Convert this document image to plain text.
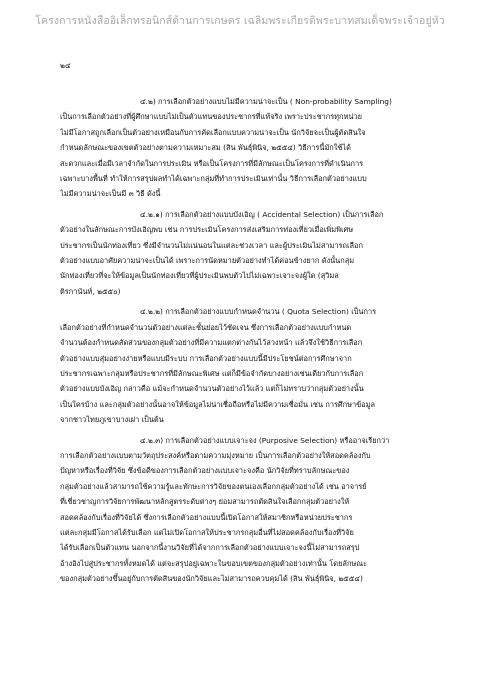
โครงการหนังสืออิเล็กทรอนิกส์ด้านการเกษตร เฉลิมพระเกียรติพระบาทสมเด็จพระเจ้าอยู่หัว
๒๔

๔.๒) การเลือกตัวอย่างแบบไม่มีความน่าจะเป็น ( Non-probability Sampling)
เป็นการเลือกตัวอย่างที่ผู้ศึกษาแบบไม่เป็นตัวแทนของประชากรที่แท้จริง เพราะประชากรทุกหน่วย
ไม่มีโอกาสถูกเลือกเป็นตัวอย่างเหมือนกับการคัดเลือกแบบความน่าจะเป็น นักวิจัยจะเป็นผู้ตัดสินใจ
กำหนดลักษณะของเขตตัวอย่างตามความเหมาะสม (สิน พันธุ์พินิจ, ๒๕๕๔) วิธีการนี้มักใช้ได้
สะดวกและเมื่อมีเวลาจำกัดในการประเมิน หรือเป็นโครงการที่มีลักษณะเป็นโครงการที่ดำเนินการ
เฉพาะบางพื้นที่ ทำให้การสรุปผลทำได้เฉพาะกลุ่มที่ทำการประเมินเท่านั้น วิธีการเลือกตัวอย่างแบบ
ไม่มีความน่าจะเป็นมี ๓ วิธี ดังนี้

๔.๒.๑) การเลือกตัวอย่างแบบบังเอิญ ( Accidental Selection) เป็นการเลือก
ตัวอย่างในลักษณะการบังเอิญพบ เช่น การประเมินโครงการส่งเสริมการท่องเที่ยวเมื่อเพิ่มพิเศษ
ประชากรเป็นนักท่องเที่ยว ซึ่งมีจำนวนไม่แน่นอนในแต่ละช่วงเวลา และผู้ประเมินไม่สามารถเลือก
ตัวอย่างแบบอาศัยความน่าจะเป็นได้ เพราะการนัดหมายตัวอย่างทำได้ค่อนข้างยาก ดังนั้นกลุ่ม
นักท่องเที่ยวที่จะให้ข้อมูลเป็นนักท่องเที่ยวที่ผู้ประเมินพบตัวไปไม่เฉพาะเจาะจงผู้ใด (สุวิมล
ติรกานันท์, ๒๕๕๐)

๔.๒.๒) การเลือกตัวอย่างแบบกำหนดจำนวน ( Quota Selection) เป็นการ
เลือกตัวอย่างที่กำหนดจำนวนตัวอย่างแต่ละชั้นย่อยไว้ชัดเจน ซึ่งการเลือกตัวอย่างแบบกำหนด
จำนวนต้องกำหนดสัดส่วนของกลุ่มตัวอย่างที่มีความแตกต่างกันไว้ล่วงหน้า แล้วจึงใช้วิธีการเลือก
ตัวอย่างแบบสุ่มอย่างง่ายหรือแบบมีระบบ การเลือกตัวอย่างแบบนี้มีประโยชน์ต่อการศึกษาจาก
ประชากรเฉพาะกลุ่มหรือประชากรที่มีลักษณะพิเศษ แต่ก็มีข้อจำกัดบางอย่างเช่นเดียวกับการเลือก
ตัวอย่างแบบบังเอิญ กล่าวคือ แม้จะกำหนดจำนวนตัวอย่างไว้แล้ว แต่ก็ไม่ทราบว่ากลุ่มตัวอย่างนั้น
เป็นใครบ้าง และกลุ่มตัวอย่างนั้นอาจให้ข้อมูลไม่น่าเชื่อถือหรือไม่มีความเชื่อมั่น เช่น การศึกษาข้อมูล
จากชาวไทยภูเขาบางเผ่า เป็นต้น

๔.๒.๓) การเลือกตัวอย่างแบบเจาะจง (Purposive Selection) หรืออาจเรียกว่า
การเลือกตัวอย่างแบบตามวัตถุประสงค์หรือตามความมุ่งหมาย เป็นการเลือกตัวอย่างให้สอดคล้องกับ
ปัญหาหรือเรื่องที่วิจัย ซึ่งข้อดีของการเลือกตัวอย่างแบบเจาะจงคือ นักวิจัยที่ทราบลักษณะของ
กลุ่มตัวอย่างแล้วสามารถใช้ความรู้และทักษะการวิจัยของตนเองเลือกกลุ่มตัวอย่างได้ เช่น อาจารย์
ที่เชี่ยวชาญการวิจัยการพัฒนาหลักสูตรระดับต่างๆ ย่อมสามารถตัดสินใจเลือกกลุ่มตัวอย่างให้
สอดคล้องกับเรื่องที่วิจัยได้ ซึ่งการเลือกตัวอย่างแบบนี้เปิดโอกาสให้สมาชิกหรือหน่วยประชากร
แต่ละกลุ่มมีโอกาสได้รับเลือก แต่ไม่เปิดโอกาสให้ประชากรกลุ่มอื่นที่ไม่สอดคล้องกับเรื่องที่วิจัย
ได้รับเลือกเป็นตัวแทน นอกจากนี้งานวิจัยที่ได้จากการเลือกตัวอย่างแบบเจาะจงนี้ไม่สามารถสรุป
อ้างอิงไปสู่ประชากรทั้งหมดได้ แต่จะสรุปอยู่เฉพาะในขอบเขตของกลุ่มตัวอย่างเท่านั้น โดยลักษณะ
ของกลุ่มตัวอย่างขึ้นอยู่กับการตัดสินของนักวิจัยและไม่สามารถควบคุมได้ (สิน พันธุ์พินิจ, ๒๕๕๔)
